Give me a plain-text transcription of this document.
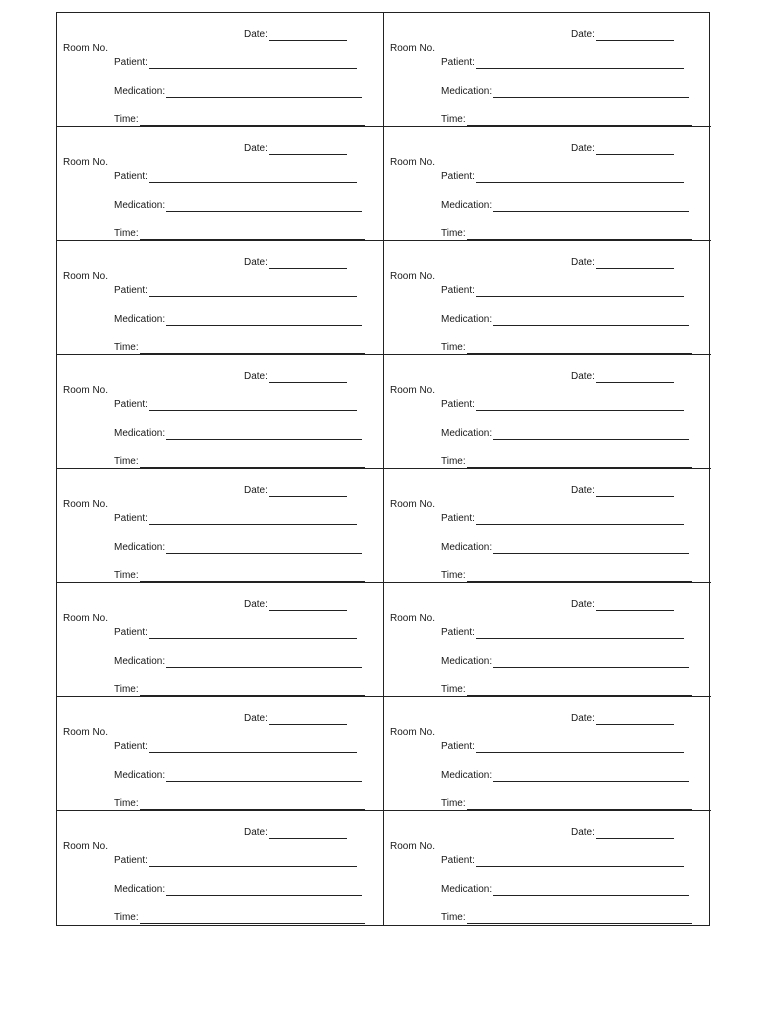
Date:
Room No.
Patient:
Medication:
Time:
Date:
Room No.
Patient:
Medication:
Time:
Date:
Room No.
Patient:
Medication:
Time:
Date:
Room No.
Patient:
Medication:
Time:
Date:
Room No.
Patient:
Medication:
Time:
Date:
Room No.
Patient:
Medication:
Time:
Date:
Room No.
Patient:
Medication:
Time:
Date:
Room No.
Patient:
Medication:
Time:
Date:
Room No.
Patient:
Medication:
Time:
Date:
Room No.
Patient:
Medication:
Time:
Date:
Room No.
Patient:
Medication:
Time:
Date:
Room No.
Patient:
Medication:
Time:
Date:
Room No.
Patient:
Medication:
Time:
Date:
Room No.
Patient:
Medication:
Time:
Date:
Room No.
Patient:
Medication:
Time:
Date:
Room No.
Patient:
Medication:
Time:
